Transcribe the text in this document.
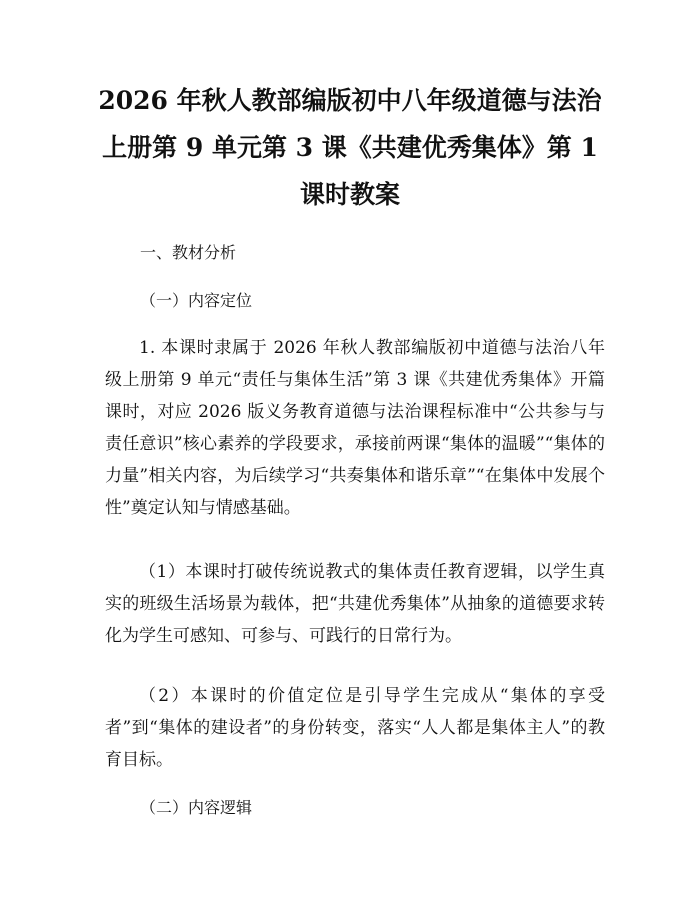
2026 年秋人教部编版初中八年级道德与法治
上册第 9 单元第 3 课《共建优秀集体》第 1
课时教案

一、教材分析

（一）内容定位

1. 本课时隶属于 2026 年秋人教部编版初中道德与法治八年级上册第 9 单元“责任与集体生活”第 3 课《共建优秀集体》开篇课时，对应 2026 版义务教育道德与法治课程标准中“公共参与与责任意识”核心素养的学段要求，承接前两课“集体的温暖”“集体的力量”相关内容，为后续学习“共奏集体和谐乐章”“在集体中发展个性”奠定认知与情感基础。

（1）本课时打破传统说教式的集体责任教育逻辑，以学生真实的班级生活场景为载体，把“共建优秀集体”从抽象的道德要求转化为学生可感知、可参与、可践行的日常行为。

（2）本课时的价值定位是引导学生完成从“集体的享受者”到“集体的建设者”的身份转变，落实“人人都是集体主人”的教育目标。

（二）内容逻辑
